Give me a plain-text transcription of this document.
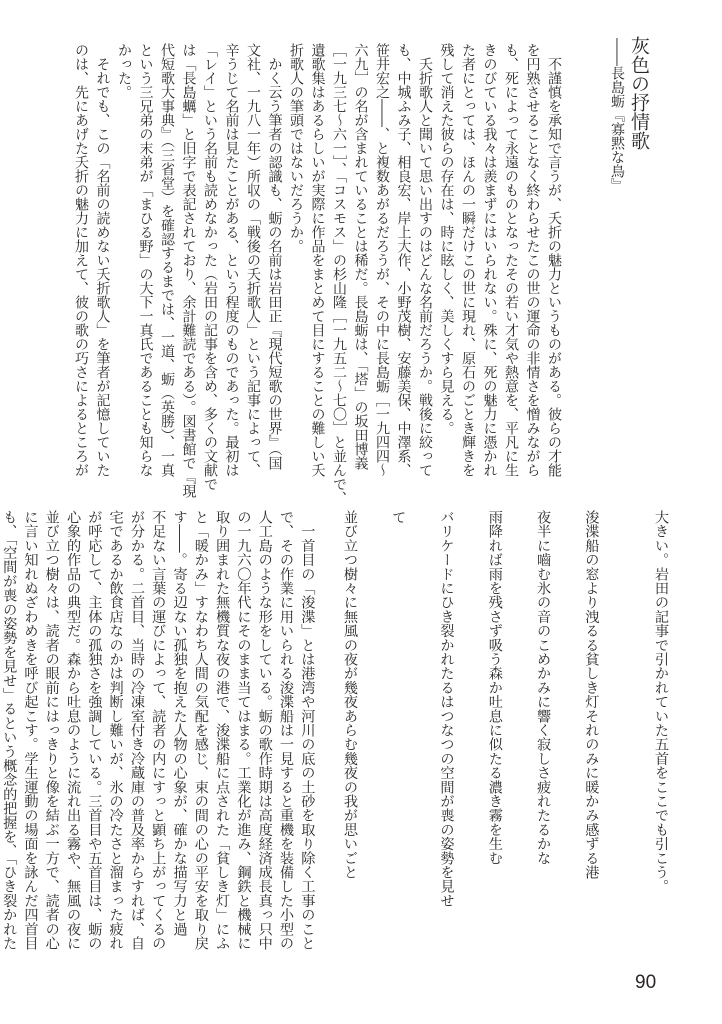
灰色の抒情歌
――長島蛎『寡黙な鳥』
　不謹慎を承知で言うが、夭折の魅力というものがある。彼らの才能
を円熟させることなく終わらせたこの世の運命の非情さを憎みながら
も、死によって永遠のものとなったその若い才気や熱意を、平凡に生
きのびている我々は羨まずにはいられない。殊に、死の魅力に憑かれ
た者にとっては、ほんの一瞬だけこの世に現れ、原石のごとき輝きを
残して消えた彼らの存在は、時に眩しく、美しくすら見える。
　夭折歌人と聞いて思い出すのはどんな名前だろうか。戦後に絞って
も、中城ふみ子、相良宏、岸上大作、小野茂樹、安藤美保、中澤系、
笹井宏之――、と複数あがるだろうが、その中に長島蛎［一九四四～
六九］の名が含まれていることは稀だ。長島蛎は、「塔」の坂田博義
［一九三七～六一］、「コスモス」の杉山隆［一九五二～七〇］と並んで、
遺歌集はあるらしいが実際に作品をまとめて目にすることの難しい夭
折歌人の筆頭ではないだろうか。
　かく云う筆者の認識も、蛎の名前は岩田正『現代短歌の世界』（国
文社、一九八一年）所収の「戦後の夭折歌人」という記事によって、
辛うじて名前は見たことがある、という程度のものであった。最初は
「レイ」という名前も読めなかった（岩田の記事を含め、多くの文献で
は「長島蠣」と旧字で表記されており、余計難読である）。図書館で『現
代短歌大事典』（三省堂）を確認するまでは、一道、蛎（英勝）、一真
という三兄弟の末弟が「まひる野」の大下一真氏であることも知らな
かった。
　それでも、この「名前の読めない夭折歌人」を筆者が記憶していた
のは、先にあげた夭折の魅力に加えて、彼の歌の巧さによるところが
大きい。岩田の記事で引かれていた五首をここでも引こう。
浚渫船の窓より洩るる貧しき灯それのみに暖かみ感ずる港
夜半に嚙む氷の音のこめかみに響く寂しさ疲れたるかな
雨降れば雨を残さず吸う森か吐息に似たる濃き霧を生む
バリケードにひき裂かれたるはつなつの空間が喪の姿勢を見せ
て
並び立つ樹々に無風の夜が幾夜あらむ幾夜の我が思いごと
　一首目の「浚渫」とは港湾や河川の底の土砂を取り除く工事のこと
で、その作業に用いられる浚渫船は一見すると重機を装備した小型の
人工島のような形をしている。蛎の歌作時期は高度経済成長真っ只中
の一九六〇年代にそのまま当てはまる。工業化が進み、鋼鉄と機械に
取り囲まれた無機質な夜の港で、浚渫船に点された「貧しき灯」にふ
と「暖かみ」すなわち人間の気配を感じ、束の間の心の平安を取り戻
す――。寄る辺ない孤独を抱えた人物の心象が、確かな描写力と過
不足ない言葉の運びによって、読者の内にすっと顕ち上がってくるの
が分かる。二首目、当時の冷凍室付き冷蔵庫の普及率からすれば、自
宅であるか飲食店なのかは判断し難いが、氷の冷たさと溜まった疲れ
が呼応して、主体の孤独さを強調している。三首目や五首目は、蛎の
心象的作品の典型だ。森から吐息のように流れ出る霧や、無風の夜に
並び立つ樹々は、読者の眼前にはっきりと像を結ぶ一方で、読者の心
に言い知れぬざわめきを呼び起こす。学生運動の場面を詠んだ四首目
も、「空間が喪の姿勢を見せ」るという概念的把握を、「ひき裂かれた
90
